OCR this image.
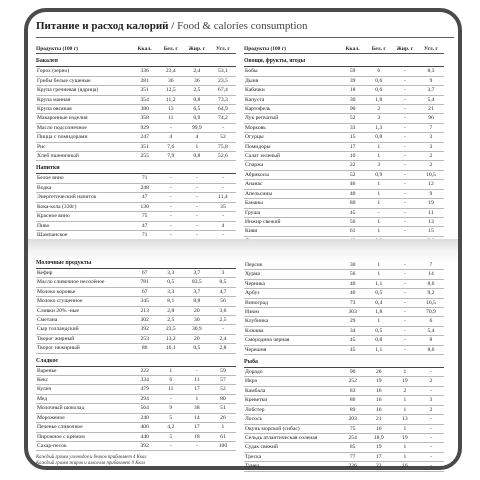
Питание и расход калорий / Food & calories consumption
Продукты (100 г)	Ккал.	Бел. г	Жир. г	Угл. г
Бакалея
Горох (зерно)	336	23,4	2,4	53,1
Грибы белые сушеные	281	36	36	23,5
Крупа гречневая (ядрица)	351	12,5	2,5	67,4
Крупа манная	354	11,2	0,8	73,3
Крупа овсяная	380	13	6,5	64,9
Макаронные изделия	358	11	0,9	74,2
Масло подсолнечное	929	-	99,9	-
Пицца с помидорами	247	4	4	52
Рис	351	7,6	1	75,8
Хлеб пшеничный	255	7,9	0,8	52,6
Напитки
Белое вино	71	-	-	-
Водка	248	-	-	-
Энергетический напиток	47	-	-	11,4
Кока-кола (330г)	130	-	-	35
Красное вино	75	-	-	-
Пиво	47	-	-	4
Шампанское	71	-	-	-
Продукты (100 г)	Ккал.	Бел. г	Жир. г	Угл. г
Овощи, фрукты, ягоды
Бобы	59	6	-	8,3
Дыня	39	0,6	-	9
Кабачки	18	0,6	-	3,7
Капуста	30	1,8	-	5,4
Картофель	90	2	-	21
Лук репчатый	52	3	-	96
Морковь	33	1,3	-	7
Огурцы	15	0,8	-	3
Помидоры	17	1	-	3
Салат зеленый	10	1	-	2
Спаржа	22	3	-	2
Абрикосы	52	0,9	-	10,5
Ананас	46	1	-	12
Апельсины	40	1	-	9
Бананы	80	1	-	19
Груша	45	-	-	11
Инжир свежий	56	1	-	13
Киви	61	1	-	15

Молочные продукты
Кефир	67	3,3	3,7	3
Масло сливочное несолёное	781	0,5	83,5	0,5
Молоко коровье	67	3,3	3,7	4,7
Молоко сгущенное	345	8,1	8,8	56
Сливки 20% -ные	213	2,8	20	3,6
Сметана	302	2,5	30	2,5
Сыр голландский	392	23,5	30,9	-
Творог жирный	253	13,2	20	2,4
Творог нежирный	86	16,1	0,5	2,8
Сладкое
Варенье	222	1	-	59
Кекс	334	6	11	57
Кулич	479	11	17	52
Мед	294	-	1	80
Молочный шоколад	564	9	38	51
Мороженое	240	5	14	26
Печенье сливочное	406	4,2	17	1
Пирожное с кремом	440	5	18	61
Сахар-песок	392	-	-	100
Персик	30	1	-	7
Хурма	56	1	-	14
Черника	40	1,1	-	8,6
Арбуз	40	0,5	-	9,2
Виноград	73	0,4	-	16,5
Изюм	303	1,8	-	70,9
Клубника	29	1	-	6
Клюква	34	0,5	-	5,4
Смородина черная	45	0,8	-	8
Черешня	45	1,1	-	8,6
Рыба
Дорадо	90	20	1	-
Икра	252	19	19	2
Камбала	83	16	2	-
Креветки	86	16	1	3
Лобстер	89	16	1	2
Лосось	203	21	13	-
Окунь морской (сибас)	75	16	1	-
Сельдь атлантическая соленая	254	18,9	19	-
Судак свежий	85	19	1	-
Треска	77	17	1	-
Тунец	226	22	16	-
Каждый грамм углеводов и белков прибавляет 4 Ккал
Каждый грамм жиров и алкоголя прибавляет 9 Ккал
